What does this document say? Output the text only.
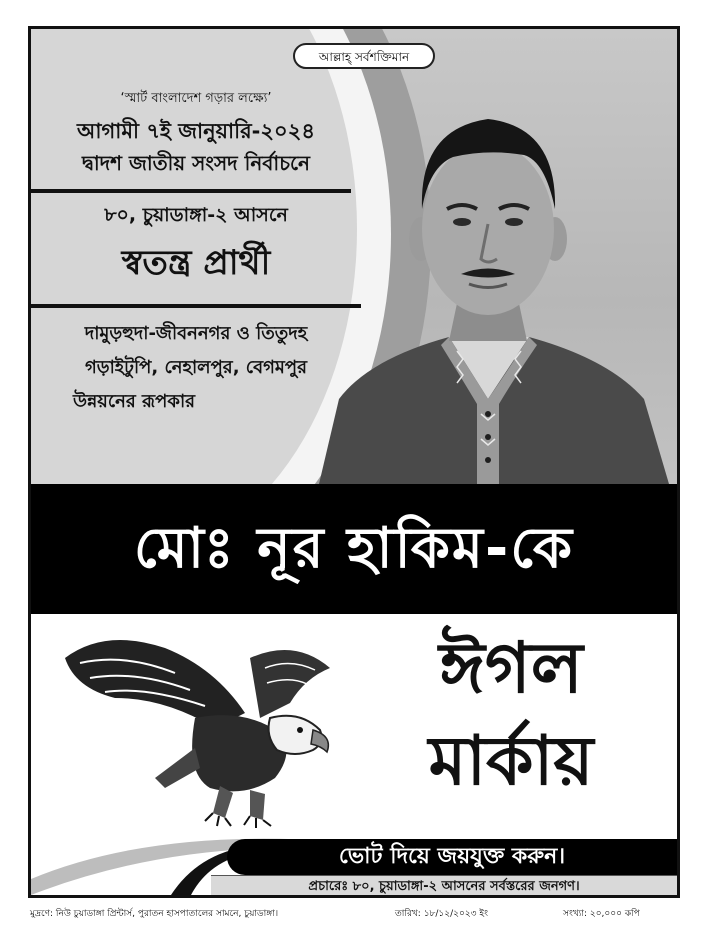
আল্লাহ্‌ সর্বশক্তিমান
‘স্মার্ট বাংলাদেশ গড়ার লক্ষ্যে’
আগামী ৭ই জানুয়ারি-২০২৪
দ্বাদশ জাতীয় সংসদ নির্বাচনে
৮০, চুয়াডাঙ্গা-২ আসনে
স্বতন্ত্র প্রার্থী
দামুড়হুদা-জীবননগর ও তিতুদহ
গড়াইটুপি, নেহালপুর, বেগমপুর
উন্নয়নের রূপকার
মোঃ নূর হাকিম-কে
ঈগল
মার্কায়
ভোট দিয়ে জয়যুক্ত করুন।
প্রচারেঃ ৮০, চুয়াডাঙ্গা-২ আসনের সর্বস্তরের জনগণ।
মুদ্রণে: নিউ চুয়াডাঙ্গা প্রিন্টার্স, পুরাতন হাসপাতালের সামনে, চুয়াডাঙ্গা।	তারিখ: ১৮/১২/২০২৩ ইং	সংখ্যা: ২০,০০০ কপি
